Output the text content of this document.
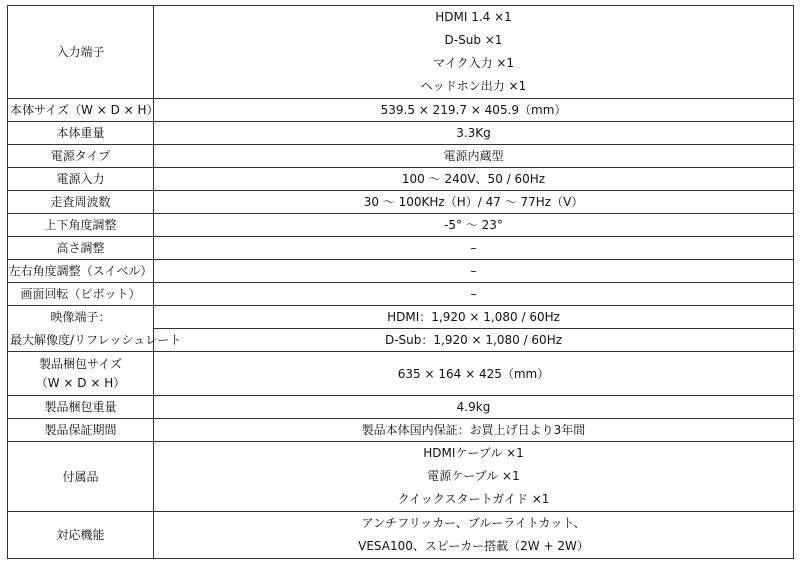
入力端子	HDMI 1.4 ×1
D-Sub ×1
マイク入力 ×1
ヘッドホン出力 ×1

本体サイズ（W × D × H）	539.5 × 219.7 × 405.9（mm）
本体重量	3.3Kg
電源タイプ	電源内蔵型
電源入力	100 ～ 240V、50 / 60Hz
走査周波数	30 ～ 100KHz（H）/ 47 ～ 77Hz（V）
上下角度調整	-5° ～ 23°
高さ調整	–
左右角度調整（スイベル）	–
画面回転（ピボット）	–
映像端子：	HDMI：1,920 × 1,080 / 60Hz
最大解像度/リフレッシュレート	D-Sub：1,920 × 1,080 / 60Hz

製品梱包サイズ
（W × D × H）	635 × 164 × 425（mm）
製品梱包重量	4.9kg
製品保証期間	製品本体国内保証：お買上げ日より3年間
付属品	HDMIケーブル ×1
電源ケーブル ×1
クイックスタートガイド ×1

対応機能	アンチフリッカー、ブルーライトカット、
VESA100、スピーカー搭載（2W + 2W）
